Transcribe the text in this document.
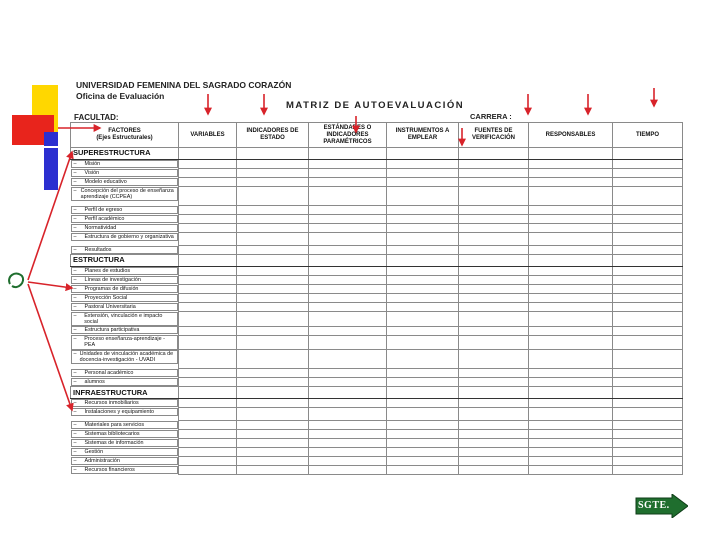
UNIVERSIDAD FEMENINA DEL SAGRADO CORAZÓN
Oficina de Evaluación
MATRIZ DE AUTOEVALUACIÓN
FACULTAD:	CARRERA :
FACTORES
(Ejes Estructurales)	VARIABLES	INDICADORES DE ESTADO	ESTÁNDARES O INDICADORES PARAMÉTRICOS	INSTRUMENTOS A EMPLEAR	FUENTES DE VERIFICACIÓN	RESPONSABLES	TIEMPO
SUPERESTRUCTURA							

–	Misión

–	Visión

–	Modelo educativo

– Concepción del proceso de enseñanza aprendizaje (CCPEA)

–	Perfil de egreso

–	Perfil académico

–	Normatividad

–	Estructura de gobierno y organizativa

–	Resultados

ESTRUCTURA							

–	Planes de estudios

–	Líneas de investigación

–	Programas de difusión

–	Proyección Social

–	Pastoral Universitaria

–	Extensión, vinculación e impacto social

–	Estructura participativa

–	Proceso enseñanza-aprendizaje - PEA

– Unidades de vinculación académica de docencia-investigación - UVADI

–	Personal académico

–	alumnos

INFRAESTRUCTURA							

–	Recursos inmobiliarios

–	Instalaciones y equipamiento

–	Materiales para servicios

–	Sistemas bibliotecarios

–	Sistemas de información

–	Gestión

–	Administración

–	Recursos financieros

SGTE.
